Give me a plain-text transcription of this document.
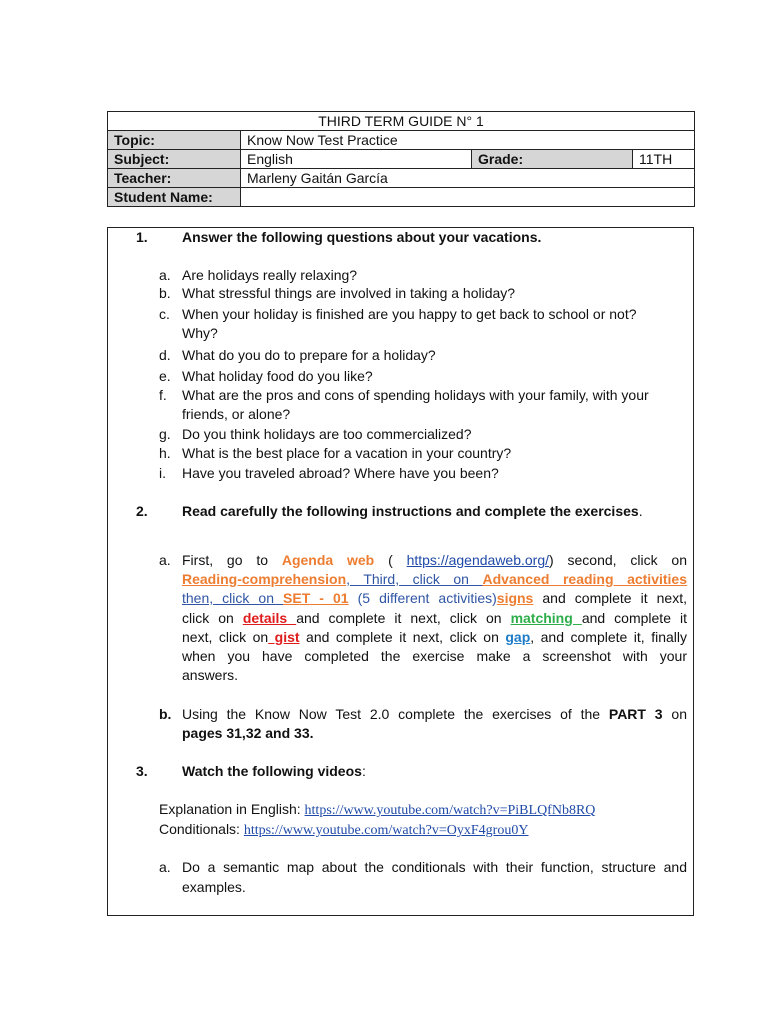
THIRD TERM GUIDE N° 1			
Topic:	Know Now Test Practice		
Subject:	English	Grade:	11TH
Teacher:	Marleny Gaitán García		
Student Name:			
1. Answer the following questions about your vacations.
a. Are holidays really relaxing?
b. What stressful things are involved in taking a holiday?
c. When your holiday is finished are you happy to get back to school or not?
Why?
d. What do you do to prepare for a holiday?
e. What holiday food do you like?
f. What are the pros and cons of spending holidays with your family, with your
friends, or alone?
g. Do you think holidays are too commercialized?
h. What is the best place for a vacation in your country?
i. Have you traveled abroad? Where have you been?
2. Read carefully the following instructions and complete the exercises.
a. First, go to Agenda web ( https://agendaweb.org/) second, click on
Reading-comprehension, Third, click on Advanced reading activities
then, click on SET - 01 (5 different activities)signs and complete it next,
click on details and complete it next, click on matching and complete it
next, click on gist and complete it next, click on gap, and complete it, finally
when you have completed the exercise make a screenshot with your
answers.
b. Using the Know Now Test 2.0 complete the exercises of the PART 3 on
pages 31,32 and 33.
3. Watch the following videos:
Explanation in English: https://www.youtube.com/watch?v=PiBLQfNb8RQ
Conditionals: https://www.youtube.com/watch?v=OyxF4grou0Y
a. Do a semantic map about the conditionals with their function, structure and
examples.
